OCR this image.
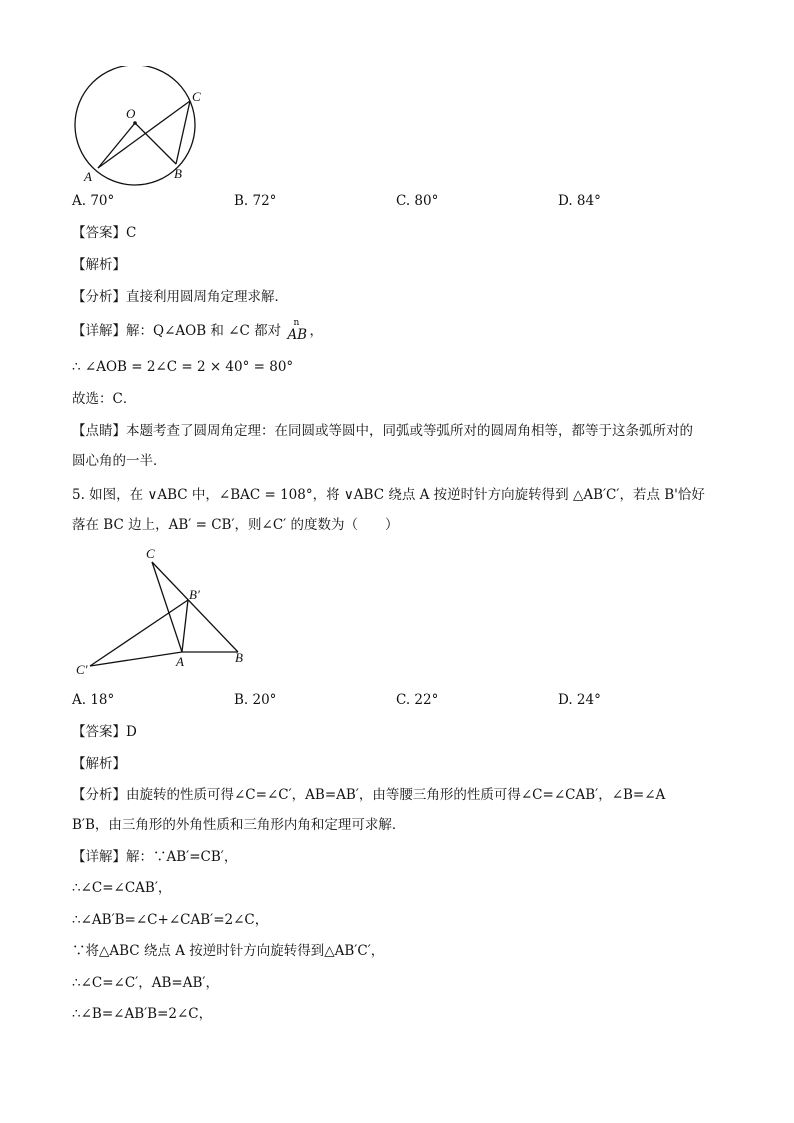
O
A	B
C
A. 70°	B. 72°	C. 80°	D. 84°
【答案】C
【解析】
【分析】直接利用圆周角定理求解．
【详解】解：Q∠AOB 和 ∠C 都对
n
AB ，
∴ ∠AOB = 2∠C = 2 × 40° = 80°
故选：C．
【点睛】本题考查了圆周角定理：在同圆或等圆中，同弧或等弧所对的圆周角相等，都等于这条弧所对的
圆心角的一半．
5. 如图，在 ∨ABC 中，∠BAC = 108°，将 ∨ABC 绕点 A 按逆时针方向旋转得到 △AB′C′，若点 B'恰好
落在 BC 边上，AB′ = CB′，则∠C′ 的度数为（　　）
C
B′
C′
A	B
A. 18°	B. 20°	C. 22°	D. 24°
【答案】D
【解析】
【分析】由旋转的性质可得∠C=∠C′，AB=AB′，由等腰三角形的性质可得∠C=∠CAB′，∠B=∠A
B′B，由三角形的外角性质和三角形内角和定理可求解．
【详解】解：∵AB′=CB′，
∴∠C=∠CAB′，
∴∠AB′B=∠C+∠CAB′=2∠C，
∵将△ABC 绕点 A 按逆时针方向旋转得到△AB′C′，
∴∠C=∠C′，AB=AB′，
∴∠B=∠AB′B=2∠C，
